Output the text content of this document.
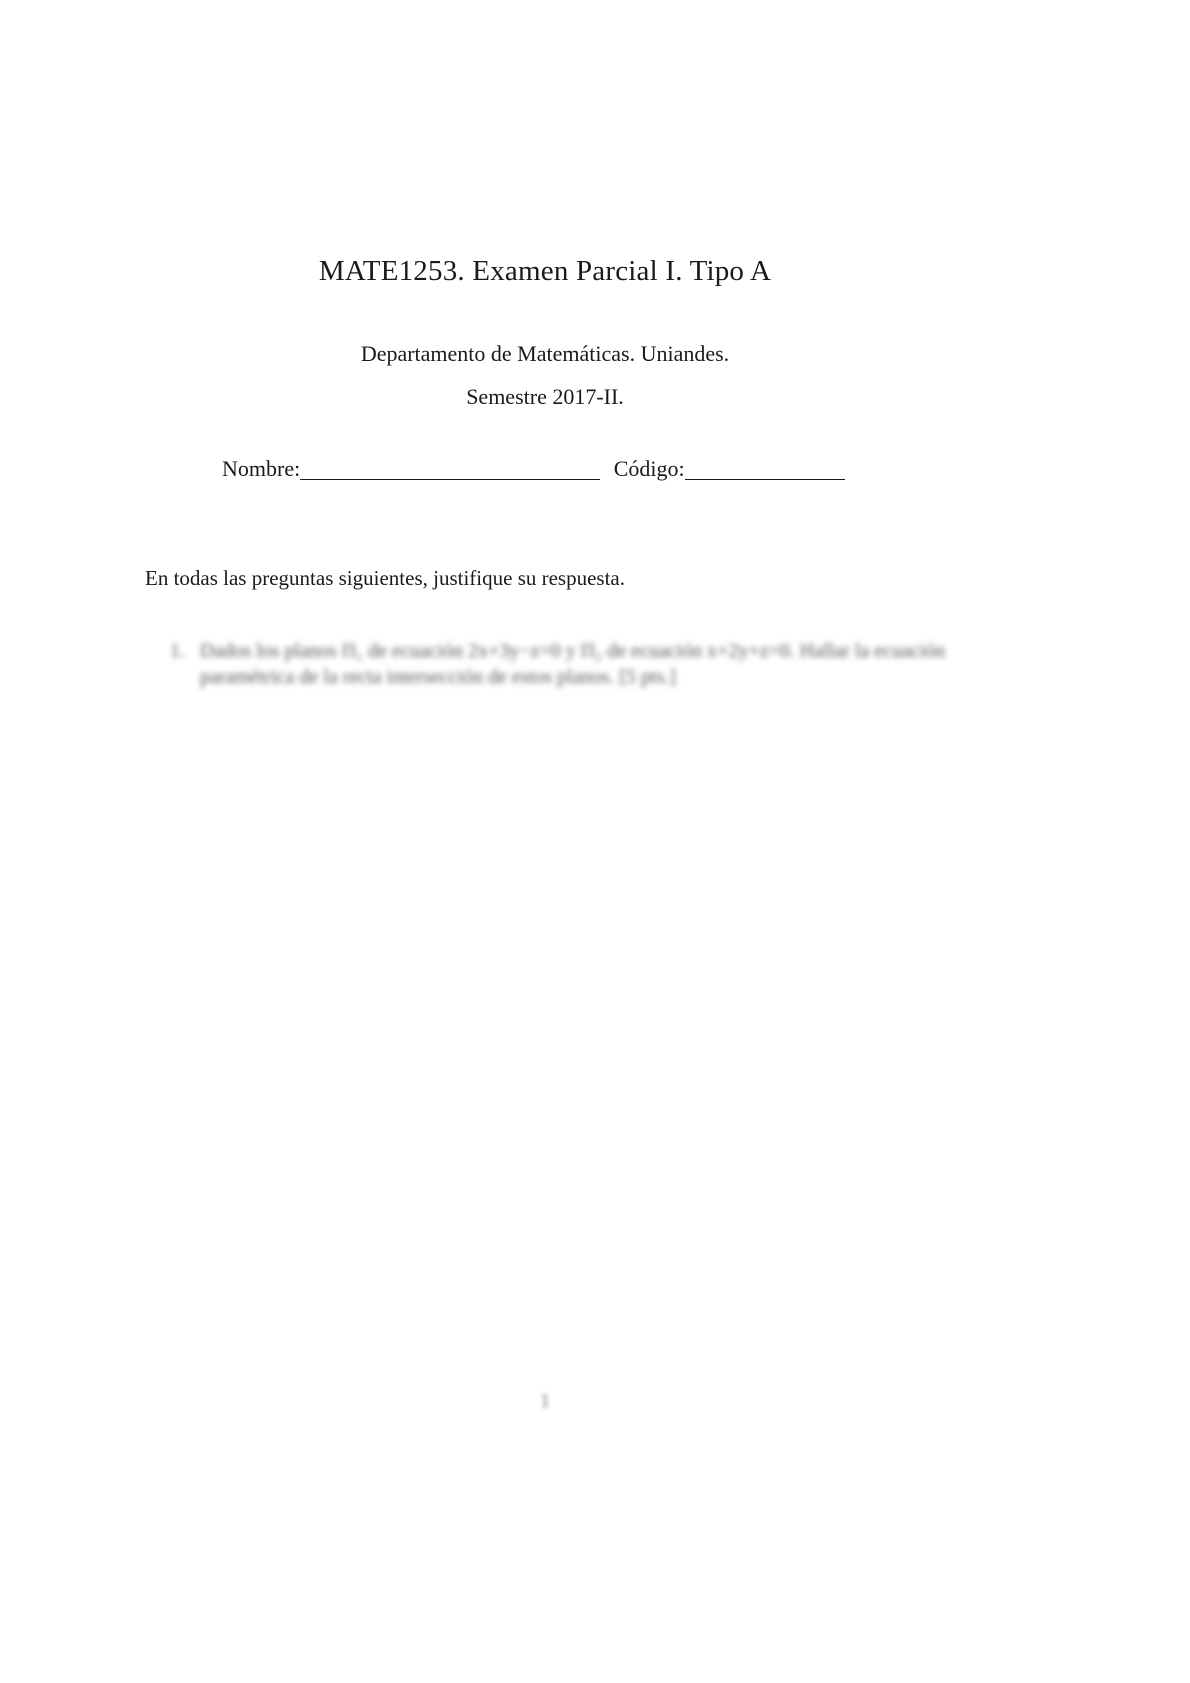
MATE1253. Examen Parcial I. Tipo A
Departamento de Matemáticas. Uniandes.
Semestre 2017-II.
Nombre:	Código:
En todas las preguntas siguientes, justifique su respuesta.
1. Dados los planos Π₁ de ecuación 2x+3y−z=0 y Π₂ de ecuación x+2y+z=0. Hallar la ecuación paramétrica de la recta intersección de estos planos. [5 pts.]
1
